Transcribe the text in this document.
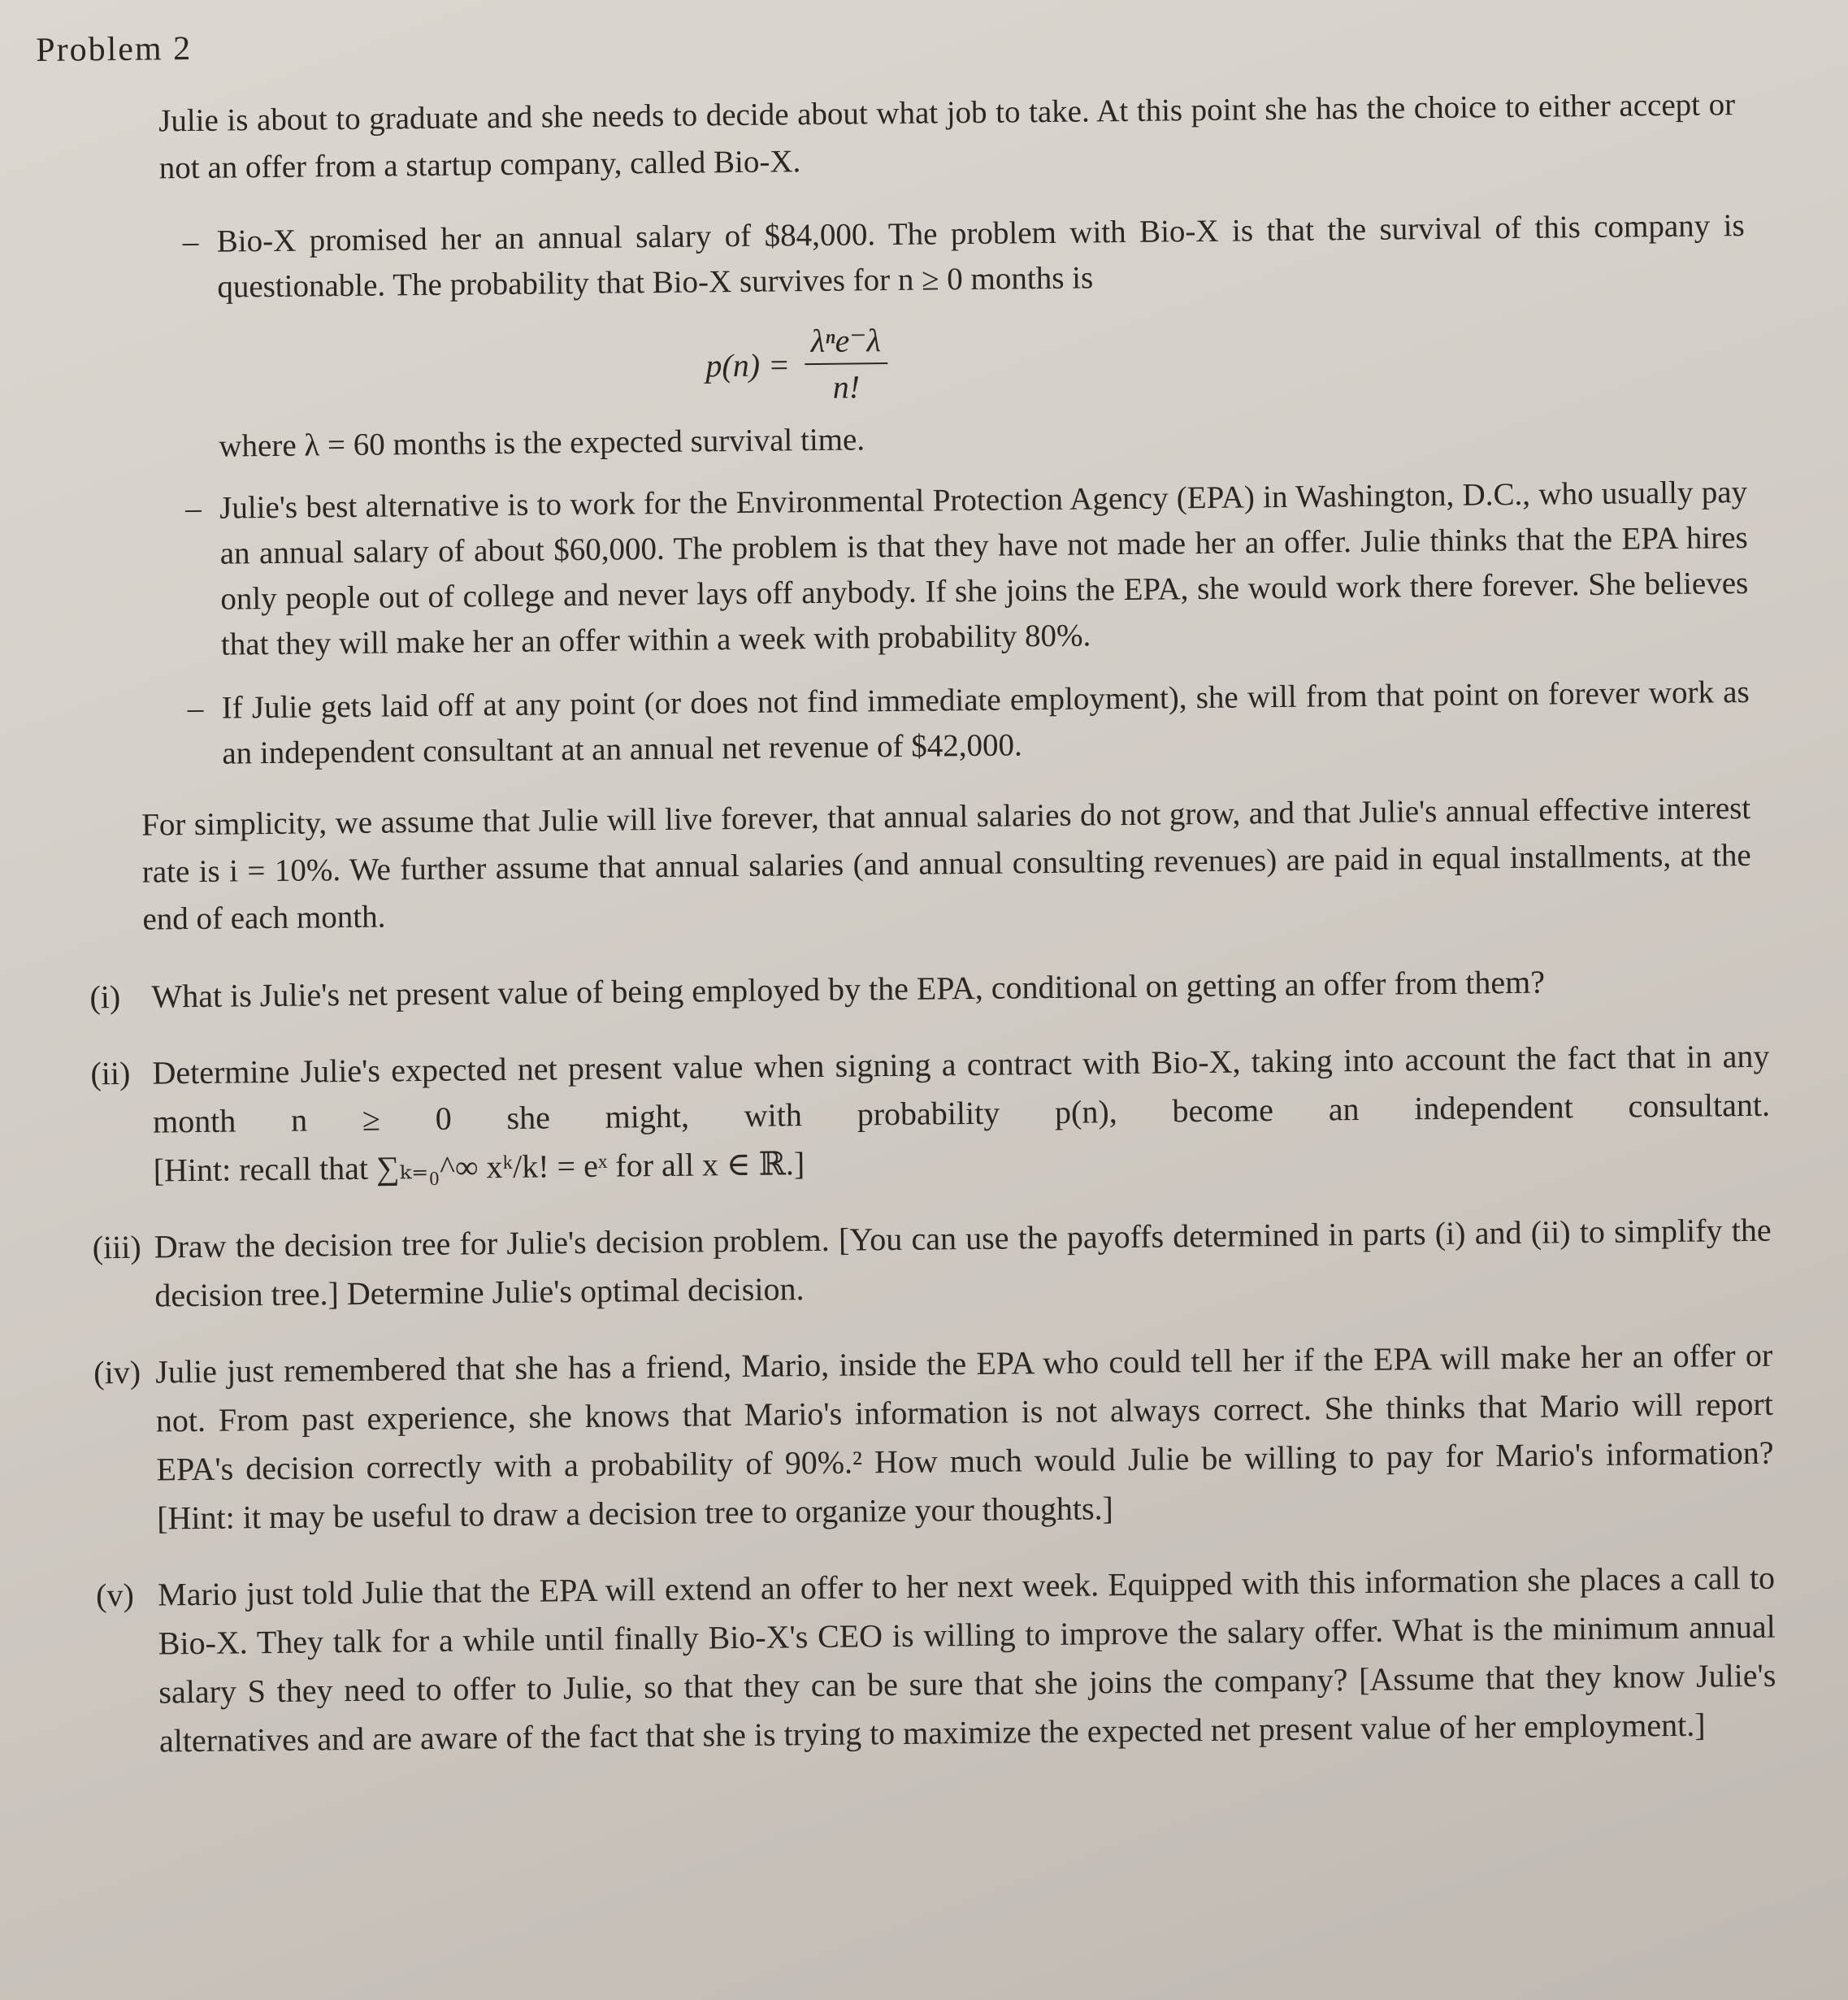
Problem 2
Julie is about to graduate and she needs to decide about what job to take. At this point she has the choice to either accept or not an offer from a startup company, called Bio-X.
– Bio-X promised her an annual salary of $84,000. The problem with Bio-X is that the survival of this company is questionable. The probability that Bio-X survives for n ≥ 0 months is
$p(n) = \frac{\text{λⁿe⁻λ}}{n!}$
where λ = 60 months is the expected survival time.
– Julie's best alternative is to work for the Environmental Protection Agency (EPA) in Washington, D.C., who usually pay an annual salary of about $60,000. The problem is that they have not made her an offer. Julie thinks that the EPA hires only people out of college and never lays off anybody. If she joins the EPA, she would work there forever. She believes that they will make her an offer within a week with probability 80%.
– If Julie gets laid off at any point (or does not find immediate employment), she will from that point on forever work as an independent consultant at an annual net revenue of $42,000.
For simplicity, we assume that Julie will live forever, that annual salaries do not grow, and that Julie's annual effective interest rate is i = 10%. We further assume that annual salaries (and annual consulting revenues) are paid in equal installments, at the end of each month.
(i) What is Julie's net present value of being employed by the EPA, conditional on getting an offer from them?
(ii) Determine Julie's expected net present value when signing a contract with Bio-X, taking into account the fact that in any month n ≥ 0 she might, with probability p(n), become an independent consultant. [Hint: recall that ∑ₖ₌₀^∞ xᵏ/k! = eˣ for all x ∈ ℝ.]
(iii) Draw the decision tree for Julie's decision problem. [You can use the payoffs determined in parts (i) and (ii) to simplify the decision tree.] Determine Julie's optimal decision.
(iv) Julie just remembered that she has a friend, Mario, inside the EPA who could tell her if the EPA will make her an offer or not. From past experience, she knows that Mario's information is not always correct. She thinks that Mario will report EPA's decision correctly with a probability of 90%.² How much would Julie be willing to pay for Mario's information? [Hint: it may be useful to draw a decision tree to organize your thoughts.]
(v) Mario just told Julie that the EPA will extend an offer to her next week. Equipped with this information she places a call to Bio-X. They talk for a while until finally Bio-X's CEO is willing to improve the salary offer. What is the minimum annual salary S they need to offer to Julie, so that they can be sure that she joins the company? [Assume that they know Julie's alternatives and are aware of the fact that she is trying to maximize the expected net present value of her employment.]
